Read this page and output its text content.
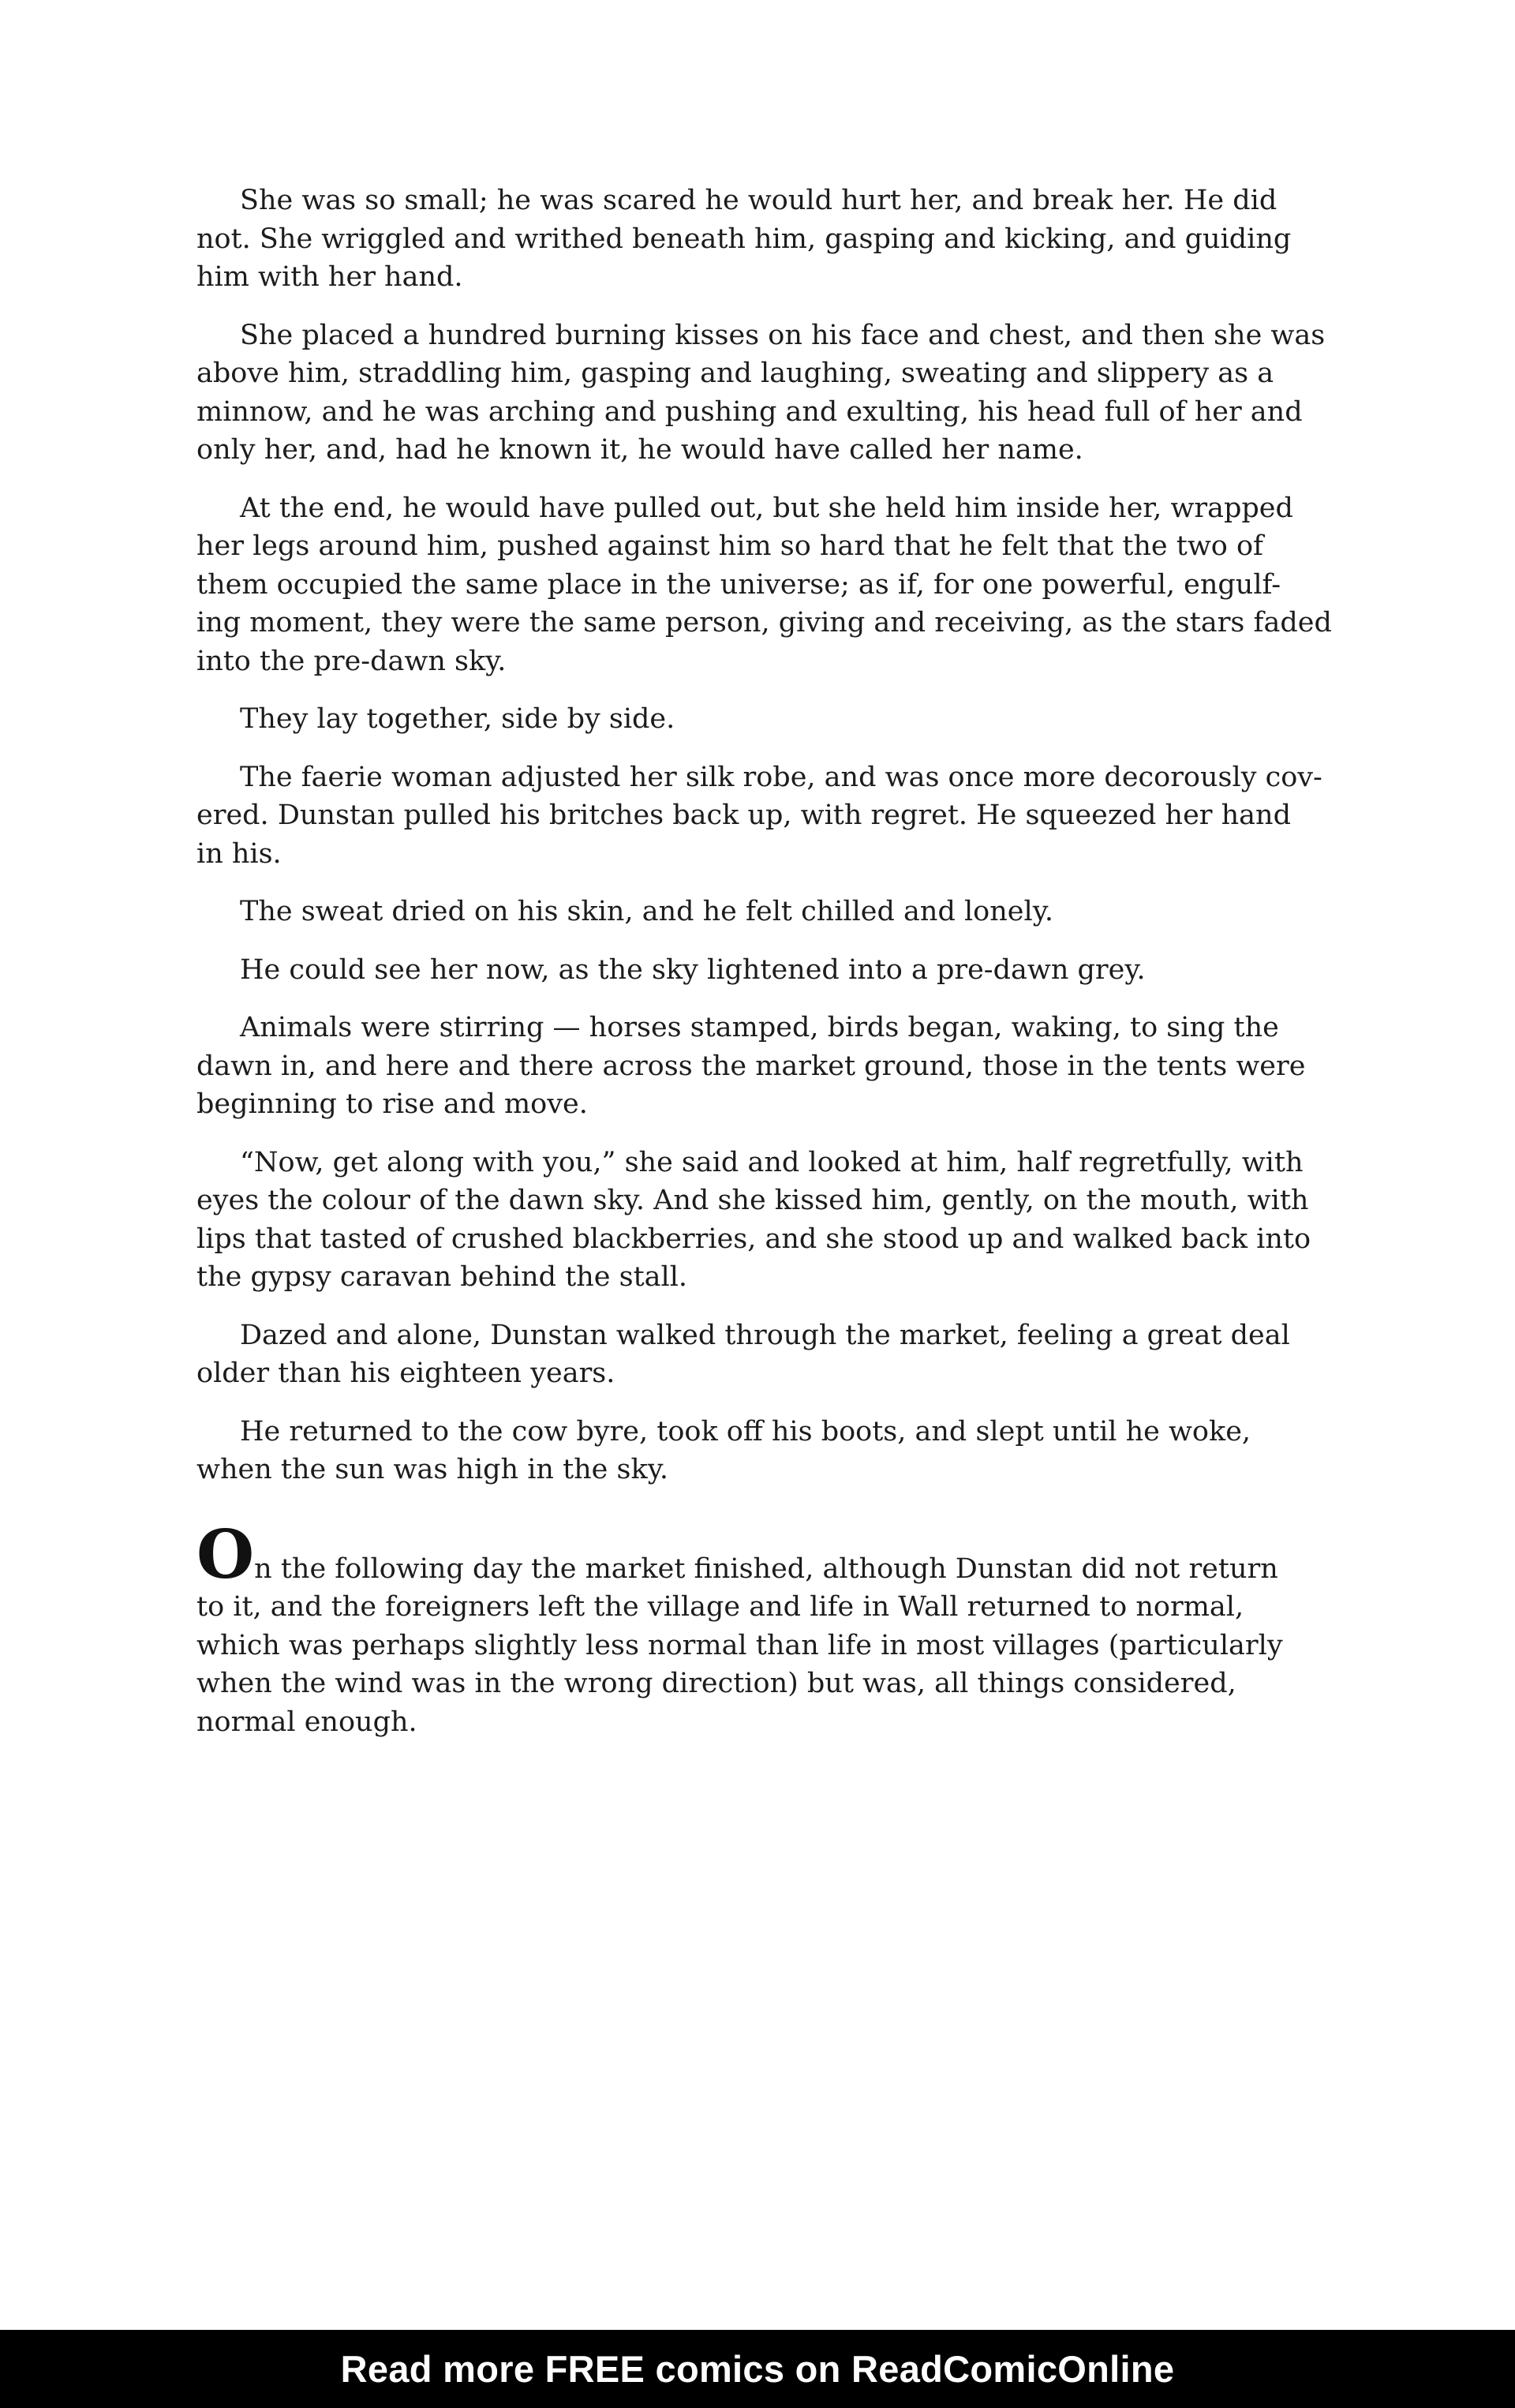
She was so small; he was scared he would hurt her, and break her. He did
not. She wriggled and writhed beneath him, gasping and kicking, and guiding
him with her hand.

She placed a hundred burning kisses on his face and chest, and then she was
above him, straddling him, gasping and laughing, sweating and slippery as a
minnow, and he was arching and pushing and exulting, his head full of her and
only her, and, had he known it, he would have called her name.

At the end, he would have pulled out, but she held him inside her, wrapped
her legs around him, pushed against him so hard that he felt that the two of
them occupied the same place in the universe; as if, for one powerful, engulf-
ing moment, they were the same person, giving and receiving, as the stars faded
into the pre-dawn sky.

They lay together, side by side.

The faerie woman adjusted her silk robe, and was once more decorously cov-
ered. Dunstan pulled his britches back up, with regret. He squeezed her hand
in his.

The sweat dried on his skin, and he felt chilled and lonely.

He could see her now, as the sky lightened into a pre-dawn grey.

Animals were stirring — horses stamped, birds began, waking, to sing the
dawn in, and here and there across the market ground, those in the tents were
beginning to rise and move.

“Now, get along with you,” she said and looked at him, half regretfully, with
eyes the colour of the dawn sky. And she kissed him, gently, on the mouth, with
lips that tasted of crushed blackberries, and she stood up and walked back into
the gypsy caravan behind the stall.

Dazed and alone, Dunstan walked through the market, feeling a great deal
older than his eighteen years.

He returned to the cow byre, took off his boots, and slept until he woke,
when the sun was high in the sky.

On the following day the market finished, although Dunstan did not return
to it, and the foreigners left the village and life in Wall returned to normal,
which was perhaps slightly less normal than life in most villages (particularly
when the wind was in the wrong direction) but was, all things considered,
normal enough.

Read more FREE comics on ReadComicOnline
